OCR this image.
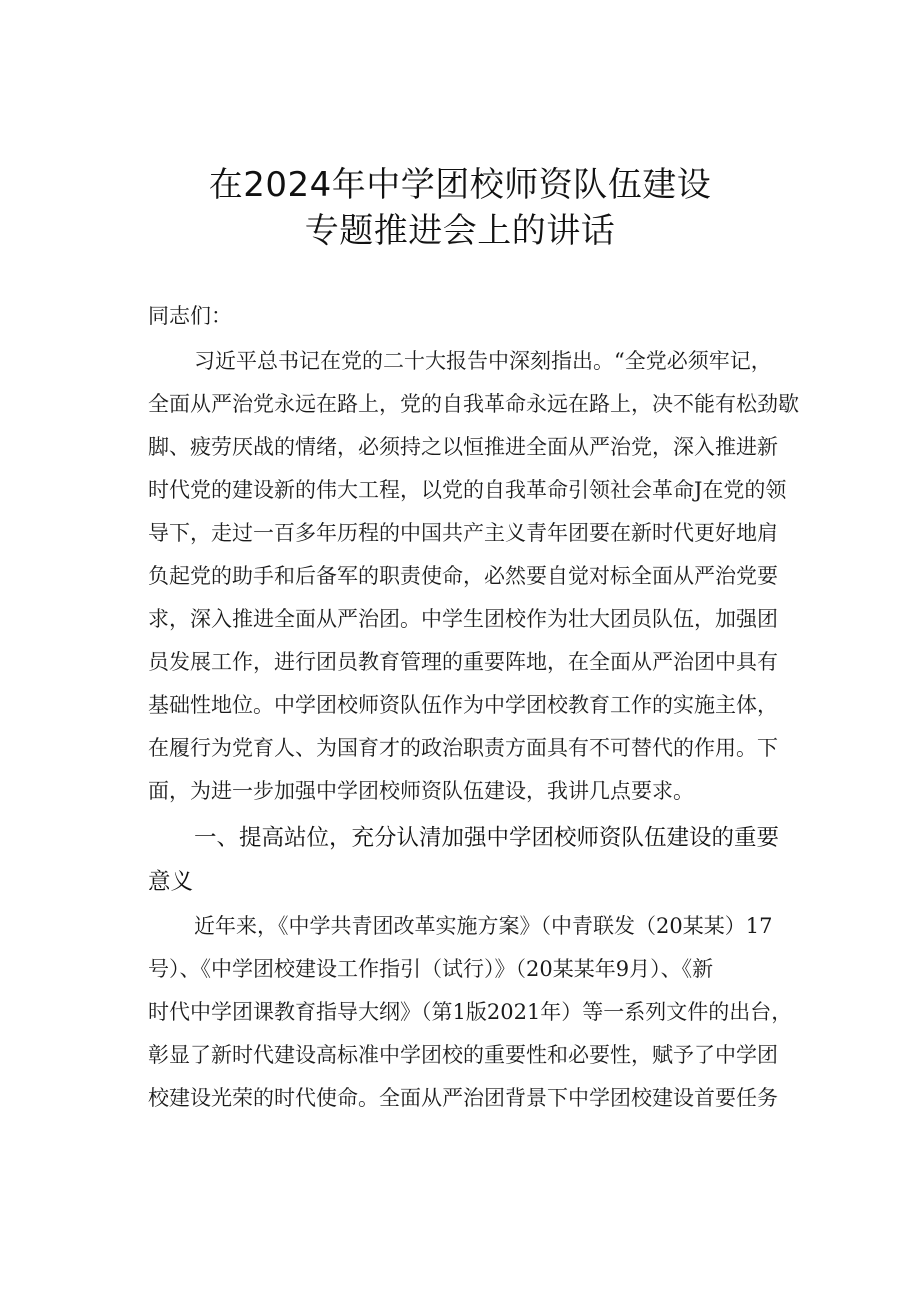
在2024年中学团校师资队伍建设
专题推进会上的讲话
同志们：
习近平总书记在党的二十大报告中深刻指出。“全党必须牢记，
全面从严治党永远在路上，党的自我革命永远在路上，决不能有松劲歇
脚、疲劳厌战的情绪，必须持之以恒推进全面从严治党，深入推进新
时代党的建设新的伟大工程，以党的自我革命引领社会革命J在党的领
导下，走过一百多年历程的中国共产主义青年团要在新时代更好地肩
负起党的助手和后备军的职责使命，必然要自觉对标全面从严治党要
求，深入推进全面从严治团。中学生团校作为壮大团员队伍，加强团
员发展工作，进行团员教育管理的重要阵地，在全面从严治团中具有
基础性地位。中学团校师资队伍作为中学团校教育工作的实施主体，
在履行为党育人、为国育才的政治职责方面具有不可替代的作用。下
面，为进一步加强中学团校师资队伍建设，我讲几点要求。
一、提高站位，充分认清加强中学团校师资队伍建设的重要
意义
近年来，《中学共青团改革实施方案》（中青联发（20某某）17
号）、《中学团校建设工作指引（试行）》（20某某年9月）、《新
时代中学团课教育指导大纲》（第1版2021年）等一系列文件的出台，
彰显了新时代建设高标准中学团校的重要性和必要性，赋予了中学团
校建设光荣的时代使命。全面从严治团背景下中学团校建设首要任务
